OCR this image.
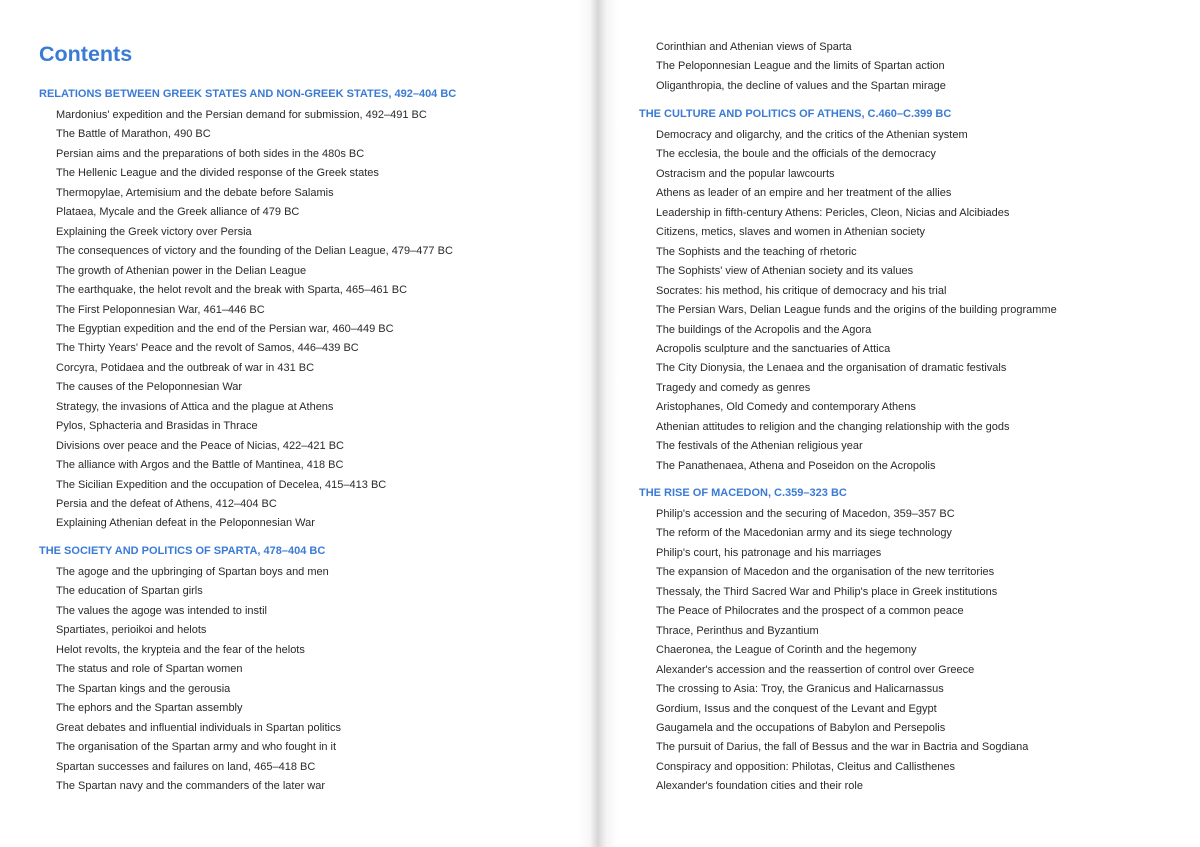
Contents
RELATIONS BETWEEN GREEK STATES AND NON-GREEK STATES, 492–404 BC

Mardonius' expedition and the Persian demand for submission, 492–491 BC

The Battle of Marathon, 490 BC

Persian aims and the preparations of both sides in the 480s BC

The Hellenic League and the divided response of the Greek states

Thermopylae, Artemisium and the debate before Salamis

Plataea, Mycale and the Greek alliance of 479 BC

Explaining the Greek victory over Persia

The consequences of victory and the founding of the Delian League, 479–477 BC

The growth of Athenian power in the Delian League

The earthquake, the helot revolt and the break with Sparta, 465–461 BC

The First Peloponnesian War, 461–446 BC

The Egyptian expedition and the end of the Persian war, 460–449 BC

The Thirty Years' Peace and the revolt of Samos, 446–439 BC

Corcyra, Potidaea and the outbreak of war in 431 BC

The causes of the Peloponnesian War

Strategy, the invasions of Attica and the plague at Athens

Pylos, Sphacteria and Brasidas in Thrace

Divisions over peace and the Peace of Nicias, 422–421 BC

The alliance with Argos and the Battle of Mantinea, 418 BC

The Sicilian Expedition and the occupation of Decelea, 415–413 BC

Persia and the defeat of Athens, 412–404 BC

Explaining Athenian defeat in the Peloponnesian War

THE SOCIETY AND POLITICS OF SPARTA, 478–404 BC

The agoge and the upbringing of Spartan boys and men

The education of Spartan girls

The values the agoge was intended to instil

Spartiates, perioikoi and helots

Helot revolts, the krypteia and the fear of the helots

The status and role of Spartan women

The Spartan kings and the gerousia

The ephors and the Spartan assembly

Great debates and influential individuals in Spartan politics

The organisation of the Spartan army and who fought in it

Spartan successes and failures on land, 465–418 BC

The Spartan navy and the commanders of the later war

Corinthian and Athenian views of Sparta

The Peloponnesian League and the limits of Spartan action

Oliganthropia, the decline of values and the Spartan mirage

THE CULTURE AND POLITICS OF ATHENS, C.460–C.399 BC

Democracy and oligarchy, and the critics of the Athenian system

The ecclesia, the boule and the officials of the democracy

Ostracism and the popular lawcourts

Athens as leader of an empire and her treatment of the allies

Leadership in fifth-century Athens: Pericles, Cleon, Nicias and Alcibiades

Citizens, metics, slaves and women in Athenian society

The Sophists and the teaching of rhetoric

The Sophists' view of Athenian society and its values

Socrates: his method, his critique of democracy and his trial

The Persian Wars, Delian League funds and the origins of the building programme

The buildings of the Acropolis and the Agora

Acropolis sculpture and the sanctuaries of Attica

The City Dionysia, the Lenaea and the organisation of dramatic festivals

Tragedy and comedy as genres

Aristophanes, Old Comedy and contemporary Athens

Athenian attitudes to religion and the changing relationship with the gods

The festivals of the Athenian religious year

The Panathenaea, Athena and Poseidon on the Acropolis

THE RISE OF MACEDON, C.359–323 BC

Philip's accession and the securing of Macedon, 359–357 BC

The reform of the Macedonian army and its siege technology

Philip's court, his patronage and his marriages

The expansion of Macedon and the organisation of the new territories

Thessaly, the Third Sacred War and Philip's place in Greek institutions

The Peace of Philocrates and the prospect of a common peace

Thrace, Perinthus and Byzantium

Chaeronea, the League of Corinth and the hegemony

Alexander's accession and the reassertion of control over Greece

The crossing to Asia: Troy, the Granicus and Halicarnassus

Gordium, Issus and the conquest of the Levant and Egypt

Gaugamela and the occupations of Babylon and Persepolis

The pursuit of Darius, the fall of Bessus and the war in Bactria and Sogdiana

Conspiracy and opposition: Philotas, Cleitus and Callisthenes

Alexander's foundation cities and their role
